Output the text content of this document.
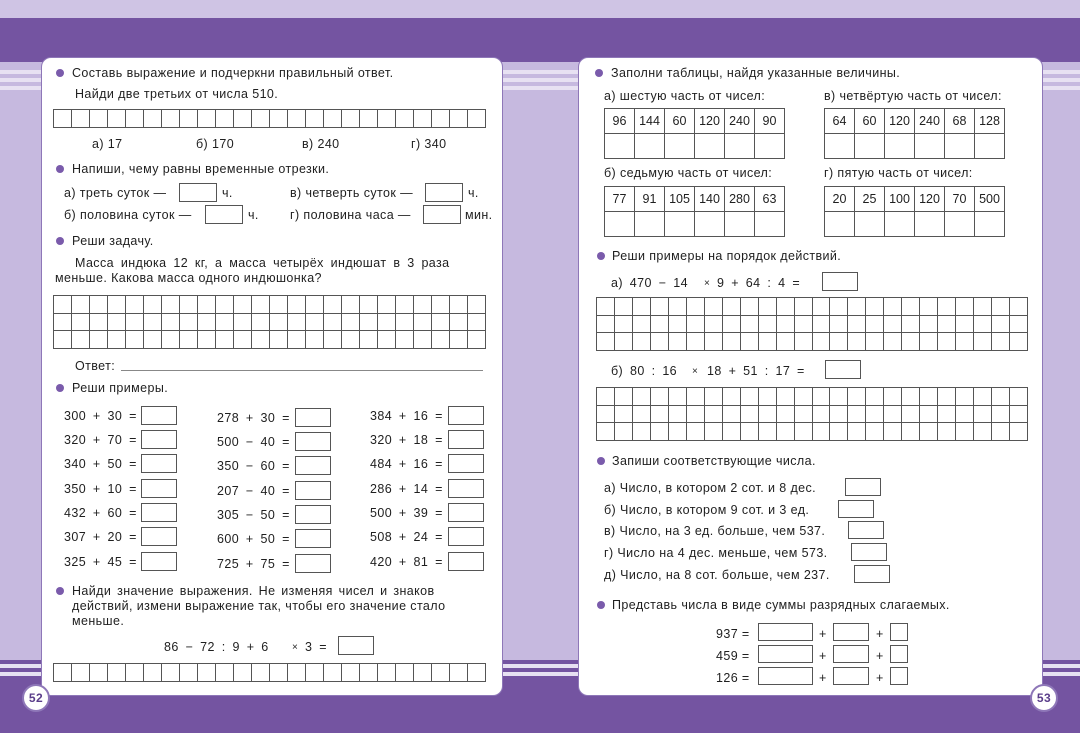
Составь выражение и подчеркни правильный ответ.
Найди две третьих от числа 510.
а) 17	б) 170	в) 240	г) 340
Напиши, чему равны временные отрезки.
а) треть суток —	ч.	в) четверть суток —	ч.
б) половина суток —	ч. г) половина часа —	мин.
Реши задачу.
Масса индюка 12 кг, а масса четырёх индюшат в 3 раза
меньше. Какова масса одного индюшонка?
Ответ:
Реши примеры.
300 + 30 =
320 + 70 =
340 + 50 =
350 + 10 =
432 + 60 =
307 + 20 =
325 + 45 =
278 + 30 =
500 − 40 =
350 − 60 =
207 − 40 =
305 − 50 =
600 + 50 =
725 + 75 =
384 + 16 =
320 + 18 =
484 + 16 =
286 + 14 =
500 + 39 =
508 + 24 =
420 + 81 =
Найди значение выражения. Не изменяя чисел и знаков
действий, измени выражение так, чтобы его значение стало
меньше.
86 − 72 : 9 + 6 × 3 =
52
Заполни таблицы, найдя указанные величины.
а) шестую часть от чисел:	в) четвёртую часть от чисел:
б) седьмую часть от чисел:	г) пятую часть от чисел:
96	144	60	120	240	90
						64	60	120	240	68	128

77	91	105	140	280	63
						20	25	100	120	70	500

Реши примеры на порядок действий.
а) 470 − 14 × 9 + 64 : 4 =
б) 80 : 16 × 18 + 51 : 17 =
Запиши соответствующие числа.
а) Число, в котором 2 сот. и 8 дес.
б) Число, в котором 9 сот. и 3 ед.
в) Число, на 3 ед. больше, чем 537.
г) Число на 4 дес. меньше, чем 573.
д) Число, на 8 сот. больше, чем 237.
Представь числа в виде суммы разрядных слагаемых.
937 =	+	+
459 =	+	+
126 =	+	+
53
